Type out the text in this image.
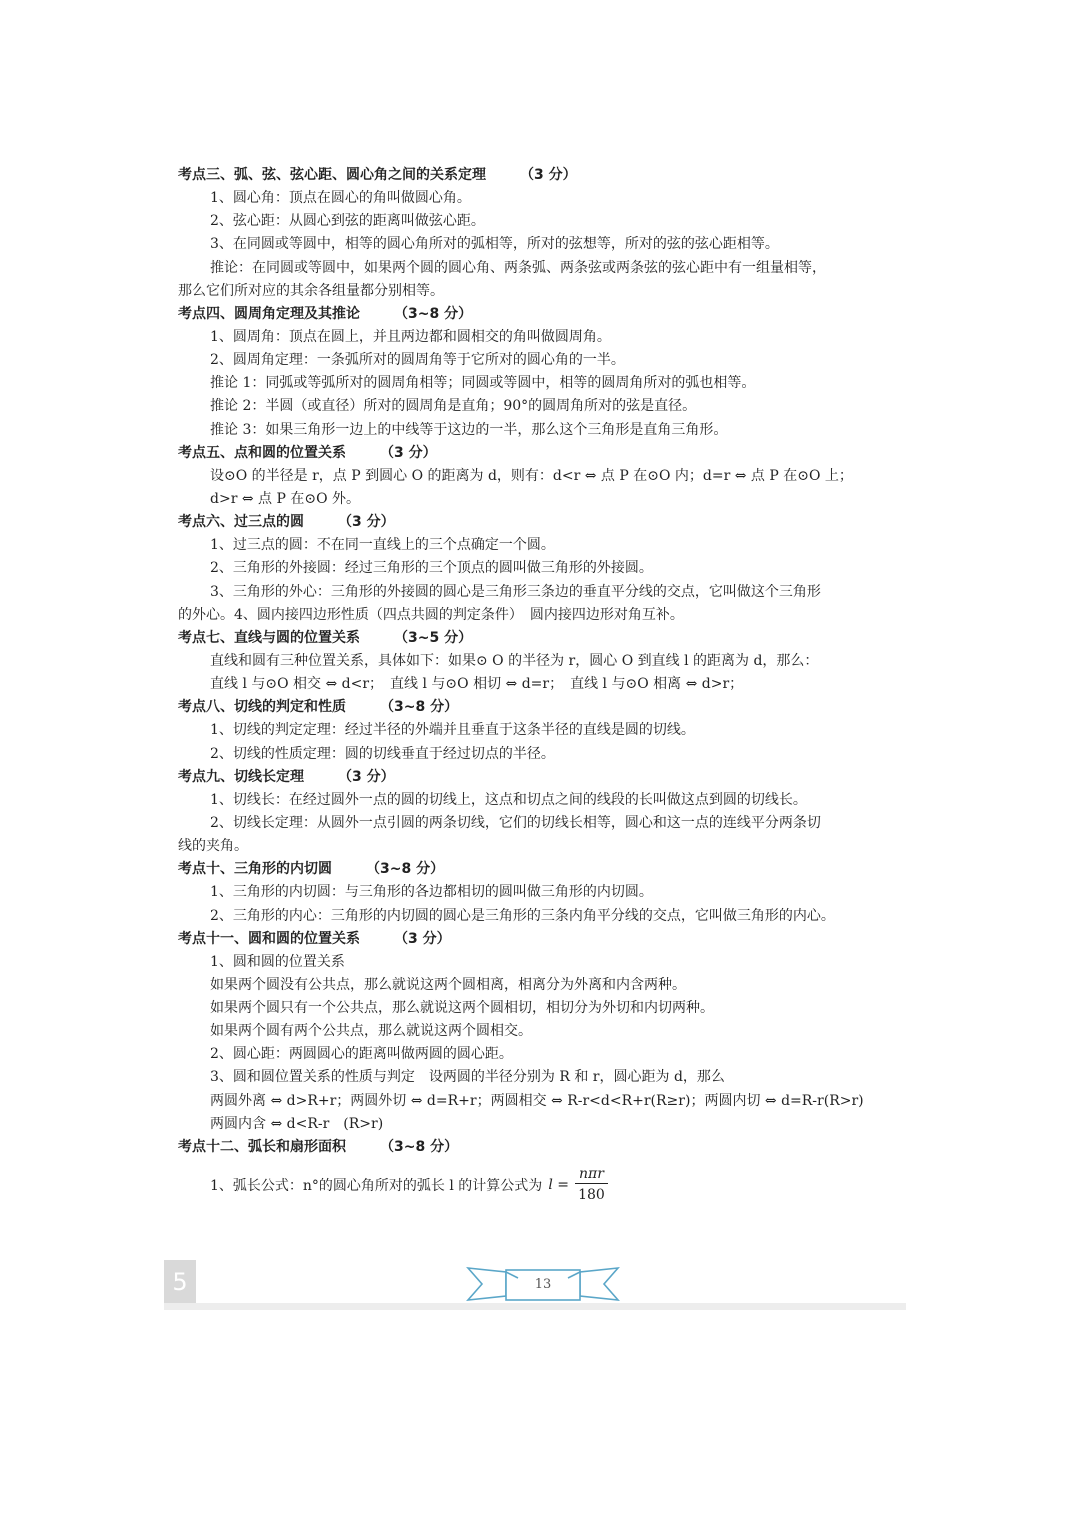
考点三、弧、弦、弦心距、圆心角之间的关系定理 （3 分）
1、圆心角：顶点在圆心的角叫做圆心角。
2、弦心距：从圆心到弦的距离叫做弦心距。
3、在同圆或等圆中，相等的圆心角所对的弧相等，所对的弦想等，所对的弦的弦心距相等。
推论：在同圆或等圆中，如果两个圆的圆心角、两条弧、两条弦或两条弦的弦心距中有一组量相等，
那么它们所对应的其余各组量都分别相等。
考点四、圆周角定理及其推论 （3~8 分）
1、圆周角：顶点在圆上，并且两边都和圆相交的角叫做圆周角。
2、圆周角定理：一条弧所对的圆周角等于它所对的圆心角的一半。
推论 1：同弧或等弧所对的圆周角相等；同圆或等圆中，相等的圆周角所对的弧也相等。
推论 2：半圆（或直径）所对的圆周角是直角；90°的圆周角所对的弦是直径。
推论 3：如果三角形一边上的中线等于这边的一半，那么这个三角形是直角三角形。
考点五、点和圆的位置关系 （3 分）
设⊙O 的半径是 r，点 P 到圆心 O 的距离为 d，则有：d<r ⇔ 点 P 在⊙O 内；d=r ⇔ 点 P 在⊙O 上；
d>r ⇔ 点 P 在⊙O 外。
考点六、过三点的圆 （3 分）
1、过三点的圆：不在同一直线上的三个点确定一个圆。
2、三角形的外接圆：经过三角形的三个顶点的圆叫做三角形的外接圆。
3、三角形的外心：三角形的外接圆的圆心是三角形三条边的垂直平分线的交点，它叫做这个三角形
的外心。4、圆内接四边形性质（四点共圆的判定条件）　圆内接四边形对角互补。
考点七、直线与圆的位置关系 （3~5 分）
直线和圆有三种位置关系，具体如下：如果⊙ O 的半径为 r，圆心 O 到直线 l 的距离为 d，那么：
直线 l 与⊙O 相交 ⇔ d<r；　直线 l 与⊙O 相切 ⇔ d=r；　直线 l 与⊙O 相离 ⇔ d>r；
考点八、切线的判定和性质 （3~8 分）
1、切线的判定定理：经过半径的外端并且垂直于这条半径的直线是圆的切线。
2、切线的性质定理：圆的切线垂直于经过切点的半径。
考点九、切线长定理 （3 分）
1、切线长：在经过圆外一点的圆的切线上，这点和切点之间的线段的长叫做这点到圆的切线长。
2、切线长定理：从圆外一点引圆的两条切线，它们的切线长相等，圆心和这一点的连线平分两条切
线的夹角。
考点十、三角形的内切圆 （3~8 分）
1、三角形的内切圆：与三角形的各边都相切的圆叫做三角形的内切圆。
2、三角形的内心：三角形的内切圆的圆心是三角形的三条内角平分线的交点，它叫做三角形的内心。
考点十一、圆和圆的位置关系 （3 分）
1、圆和圆的位置关系
如果两个圆没有公共点，那么就说这两个圆相离，相离分为外离和内含两种。
如果两个圆只有一个公共点，那么就说这两个圆相切，相切分为外切和内切两种。
如果两个圆有两个公共点，那么就说这两个圆相交。
2、圆心距：两圆圆心的距离叫做两圆的圆心距。
3、圆和圆位置关系的性质与判定　设两圆的半径分别为 R 和 r，圆心距为 d，那么
两圆外离 ⇔ d>R+r；两圆外切 ⇔ d=R+r；两圆相交 ⇔ R-r<d<R+r(R≥r)；两圆内切 ⇔ d=R-r(R>r)
两圆内含 ⇔ d<R-r　(R>r)
考点十二、弧长和扇形面积 （3~8 分）
1、弧长公式：n°的圆心角所对的弧长 l 的计算公式为 $l = \frac{\text{nπr}}{180}$
5	13
